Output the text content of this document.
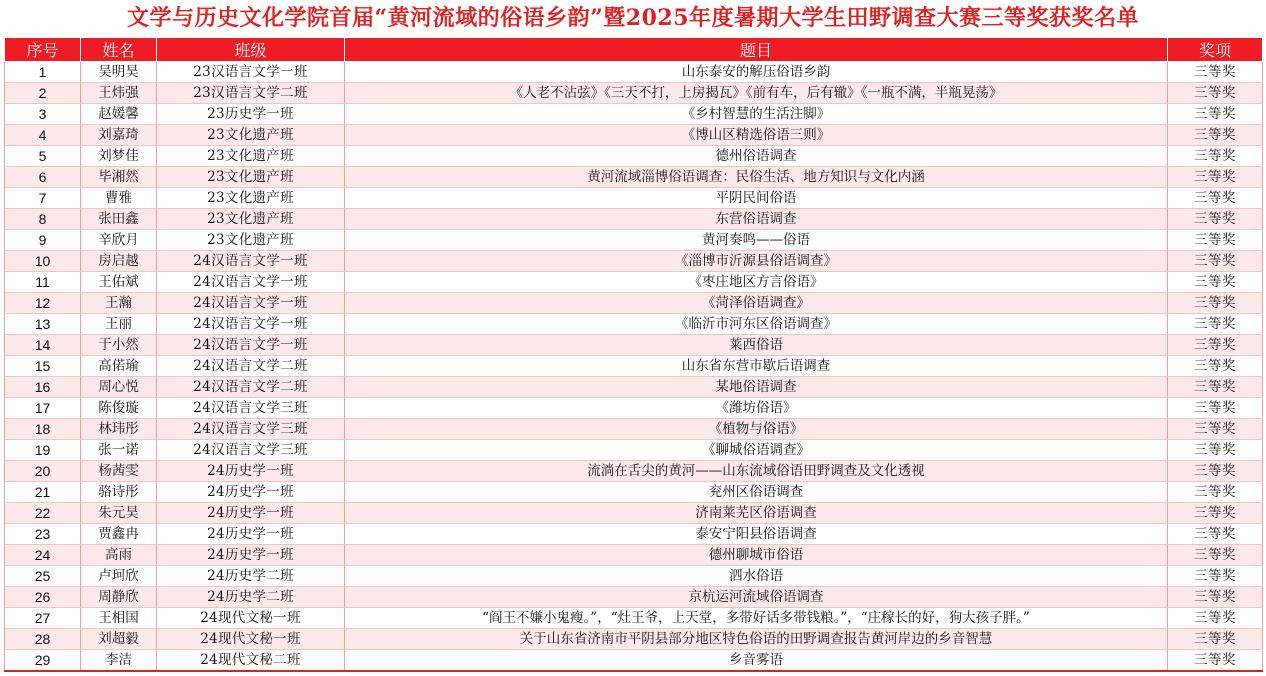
文学与历史文化学院首届“黄河流域的俗语乡韵”暨2025年度暑期大学生田野调查大赛三等奖获奖名单
序号	姓名	班级	题目	奖项
1	吴明昊	23汉语言文学一班	山东泰安的解压俗语乡韵	三等奖
2	王炜强	23汉语言文学二班	《人老不沾弦》《三天不打，上房揭瓦》《前有车，后有辙》《一瓶不满，半瓶晃荡》	三等奖
3	赵媛馨	23历史学一班	《乡村智慧的生活注脚》	三等奖
4	刘嘉琦	23文化遗产班	《博山区精选俗语三则》	三等奖
5	刘梦佳	23文化遗产班	德州俗语调查	三等奖
6	毕湘然	23文化遗产班	黄河流域淄博俗语调查：民俗生活、地方知识与文化内涵	三等奖
7	曹雅	23文化遗产班	平阴民间俗语	三等奖
8	张田鑫	23文化遗产班	东营俗语调查	三等奖
9	辛欣月	23文化遗产班	黄河奏鸣——俗语	三等奖
10	房启越	24汉语言文学一班	《淄博市沂源县俗语调查》	三等奖
11	王佑斌	24汉语言文学一班	《枣庄地区方言俗语》	三等奖
12	王瀚	24汉语言文学一班	《菏泽俗语调查》	三等奖
13	王丽	24汉语言文学一班	《临沂市河东区俗语调查》	三等奖
14	于小然	24汉语言文学一班	莱西俗语	三等奖
15	高偌瑜	24汉语言文学二班	山东省东营市歇后语调查	三等奖
16	周心悦	24汉语言文学二班	某地俗语调查	三等奖
17	陈俊璇	24汉语言文学三班	《潍坊俗语》	三等奖
18	林玮彤	24汉语言文学三班	《植物与俗语》	三等奖
19	张一诺	24汉语言文学三班	《聊城俗语调查》	三等奖
20	杨茜雯	24历史学一班	流淌在舌尖的黄河——山东流域俗语田野调查及文化透视	三等奖
21	骆诗彤	24历史学一班	兖州区俗语调查	三等奖
22	朱元昊	24历史学一班	济南莱芜区俗语调查	三等奖
23	贾鑫冉	24历史学一班	泰安宁阳县俗语调查	三等奖
24	高雨	24历史学一班	德州聊城市俗语	三等奖
25	卢珂欣	24历史学二班	泗水俗语	三等奖
26	周静欣	24历史学二班	京杭运河流域俗语调查	三等奖
27	王相国	24现代文秘一班	“阎王不嫌小鬼瘦。”，“灶王爷，上天堂，多带好话多带钱粮。”，“庄稼长的好，狗大孩子胖。”	三等奖
28	刘超毅	24现代文秘一班	关于山东省济南市平阴县部分地区特色俗语的田野调查报告黄河岸边的乡音智慧	三等奖
29	李洁	24现代文秘二班	乡音雾语	三等奖
